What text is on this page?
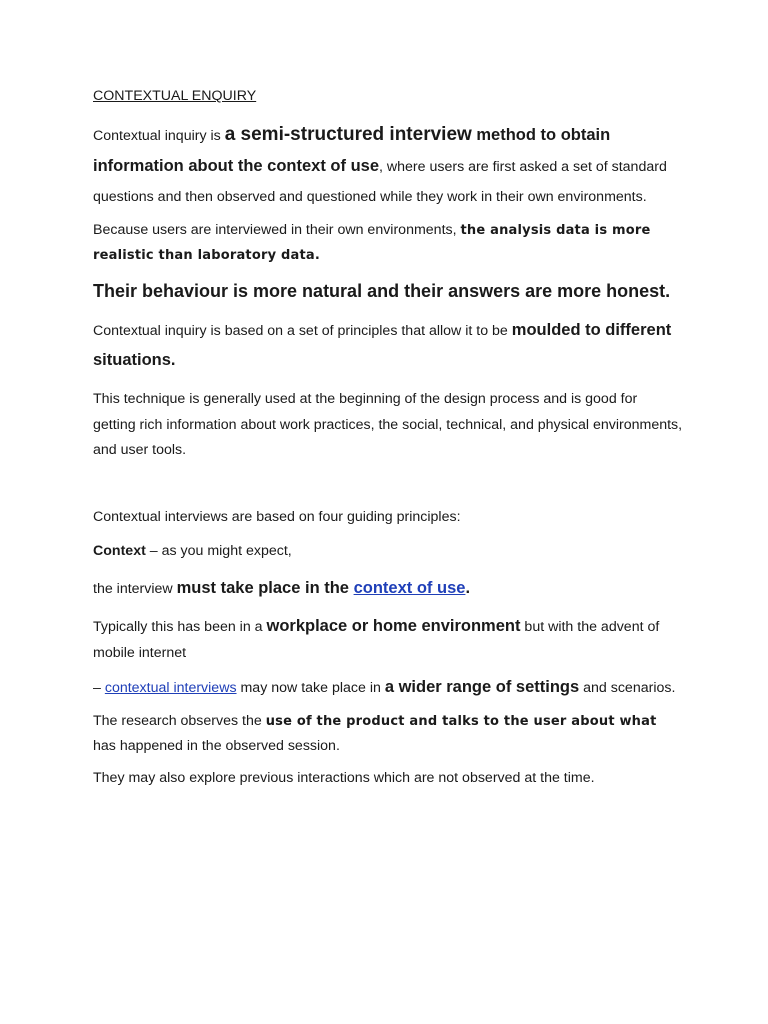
CONTEXTUAL ENQUIRY

Contextual inquiry is a semi-structured interview method to obtain information about the context of use, where users are first asked a set of standard questions and then observed and questioned while they work in their own environments.

Because users are interviewed in their own environments, the analysis data is more realistic than laboratory data.

Their behaviour is more natural and their answers are more honest.

Contextual inquiry is based on a set of principles that allow it to be moulded to different situations.

This technique is generally used at the beginning of the design process and is good for getting rich information about work practices, the social, technical, and physical environments, and user tools.

Contextual interviews are based on four guiding principles:

Context – as you might expect,

the interview must take place in the context of use.

Typically this has been in a workplace or home environment but with the advent of mobile internet

– contextual interviews may now take place in a wider range of settings and scenarios.

The research observes the use of the product and talks to the user about what has happened in the observed session.

They may also explore previous interactions which are not observed at the time.
